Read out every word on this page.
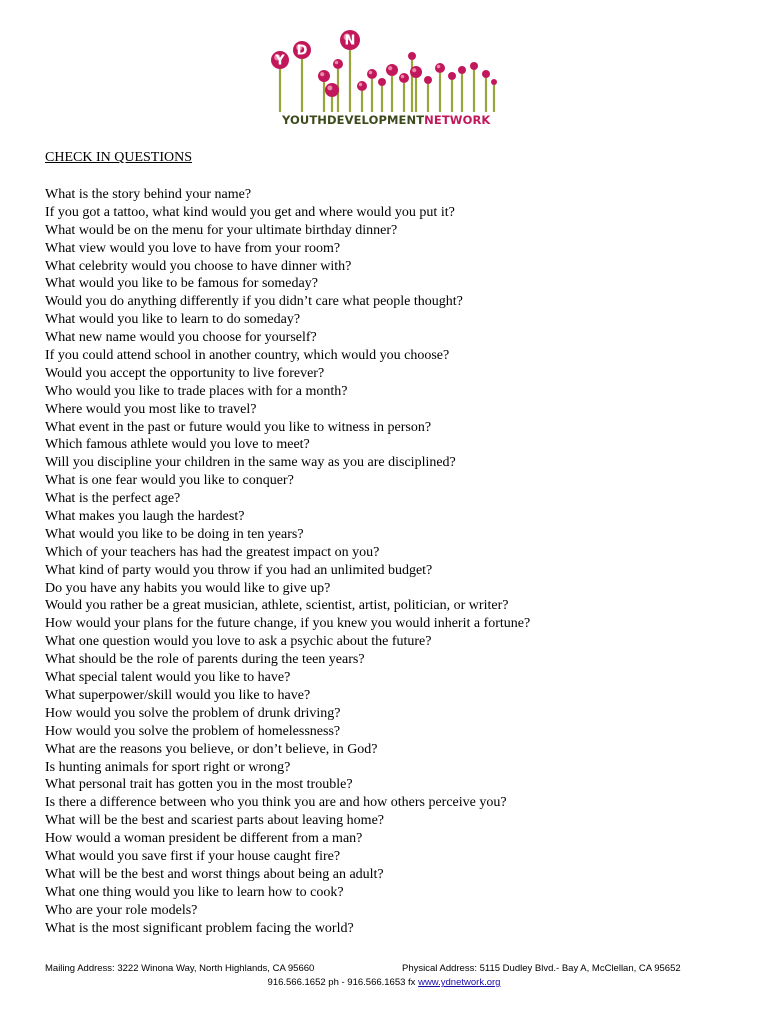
Y
D
N
YOUTHDEVELOPMENTNETWORK
CHECK IN QUESTIONS
What is the story behind your name?
If you got a tattoo, what kind would you get and where would you put it?
What would be on the menu for your ultimate birthday dinner?
What view would you love to have from your room?
What celebrity would you choose to have dinner with?
What would you like to be famous for someday?
Would you do anything differently if you didn’t care what people thought?
What would you like to learn to do someday?
What new name would you choose for yourself?
If you could attend school in another country, which would you choose?
Would you accept the opportunity to live forever?
Who would you like to trade places with for a month?
Where would you most like to travel?
What event in the past or future would you like to witness in person?
Which famous athlete would you love to meet?
Will you discipline your children in the same way as you are disciplined?
What is one fear would you like to conquer?
What is the perfect age?
What makes you laugh the hardest?
What would you like to be doing in ten years?
Which of your teachers has had the greatest impact on you?
What kind of party would you throw if you had an unlimited budget?
Do you have any habits you would like to give up?
Would you rather be a great musician, athlete, scientist, artist, politician, or writer?
How would your plans for the future change, if you knew you would inherit a fortune?
What one question would you love to ask a psychic about the future?
What should be the role of parents during the teen years?
What special talent would you like to have?
What superpower/skill would you like to have?
How would you solve the problem of drunk driving?
How would you solve the problem of homelessness?
What are the reasons you believe, or don’t believe, in God?
Is hunting animals for sport right or wrong?
What personal trait has gotten you in the most trouble?
Is there a difference between who you think you are and how others perceive you?
What will be the best and scariest parts about leaving home?
How would a woman president be different from a man?
What would you save first if your house caught fire?
What will be the best and worst things about being an adult?
What one thing would you like to learn how to cook?
Who are your role models?
What is the most significant problem facing the world?
Mailing Address: 3222 Winona Way, North Highlands, CA 95660	Physical Address: 5115 Dudley Blvd.- Bay A, McClellan, CA 95652
916.566.1652 ph - 916.566.1653 fx www.ydnetwork.org
